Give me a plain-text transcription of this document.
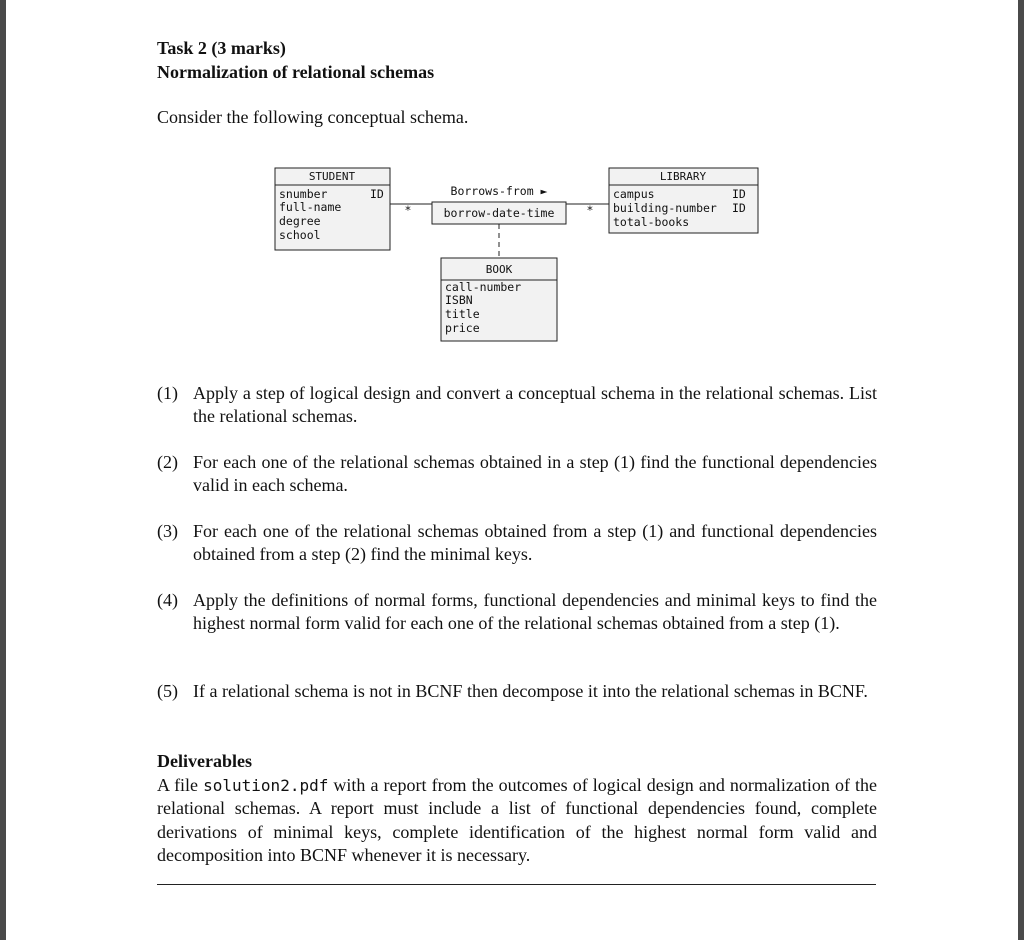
Task 2 (3 marks)
Normalization of relational schemas
Consider the following conceptual schema.
STUDENT
snumber
full-name
degree
school
ID
*	*
Borrows-from ►
borrow-date-time
LIBRARY
campus
building-number
total-books
ID
ID
BOOK
call-number
ISBN
title
price

(1) Apply a step of logical design and convert a conceptual schema in the relational schemas. List the relational schemas.

(2) For each one of the relational schemas obtained in a step (1) find the functional dependencies valid in each schema.

(3) For each one of the relational schemas obtained from a step (1) and functional dependencies obtained from a step (2) find the minimal keys.

(4) Apply the definitions of normal forms, functional dependencies and minimal keys to find the highest normal form valid for each one of the relational schemas obtained from a step (1).

(5) If a relational schema is not in BCNF then decompose it into the relational schemas in BCNF.

Deliverables
A file solution2.pdf with a report from the outcomes of logical design and normalization of the relational schemas. A report must include a list of functional dependencies found, complete derivations of minimal keys, complete identification of the highest normal form valid and decomposition into BCNF whenever it is necessary.
